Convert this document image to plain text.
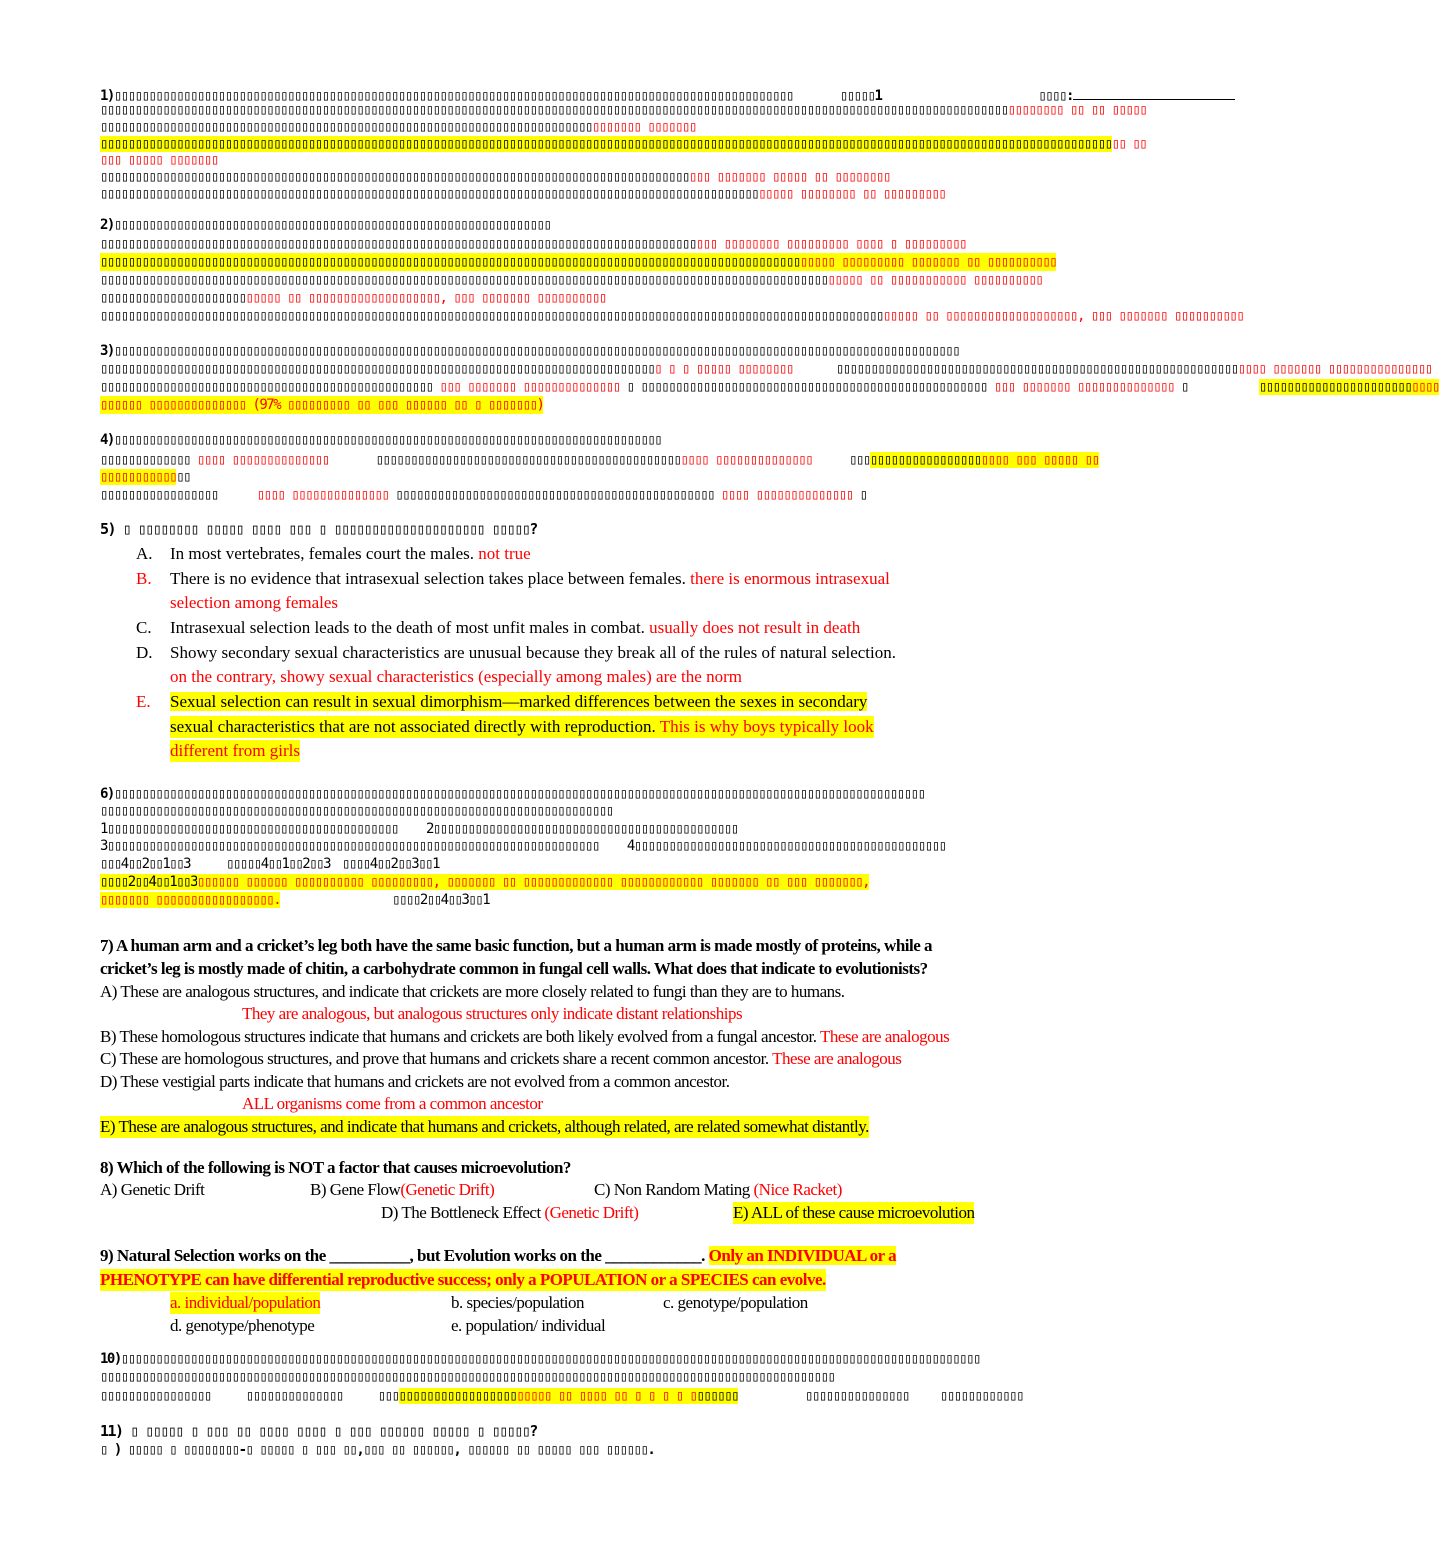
1)▯▯▯▯▯▯▯▯▯▯▯▯▯▯▯▯▯▯▯▯▯▯▯▯▯▯▯▯▯▯▯▯▯▯▯▯▯▯▯▯▯▯▯▯▯▯▯▯▯▯▯▯▯▯▯▯▯▯▯▯▯▯▯▯▯▯▯▯▯▯▯▯▯▯▯▯▯▯▯▯▯▯▯▯▯▯▯▯▯▯▯▯▯▯▯▯▯▯	▯▯▯▯▯1	▯▯▯▯:
▯▯▯▯▯▯▯▯▯▯▯▯▯▯▯▯▯▯▯▯▯▯▯▯▯▯▯▯▯▯▯▯▯▯▯▯▯▯▯▯▯▯▯▯▯▯▯▯▯▯▯▯▯▯▯▯▯▯▯▯▯▯▯▯▯▯▯▯▯▯▯▯▯▯▯▯▯▯▯▯▯▯▯▯▯▯▯▯▯▯▯▯▯▯▯▯▯▯▯▯▯▯▯▯▯▯▯▯▯▯▯▯▯▯▯▯▯▯▯▯▯▯▯▯▯▯▯▯▯▯▯▯▯▯▯▯▯▯▯ ▯▯ ▯▯ ▯▯▯▯▯
▯▯▯▯▯▯▯▯▯▯▯▯▯▯▯▯▯▯▯▯▯▯▯▯▯▯▯▯▯▯▯▯▯▯▯▯▯▯▯▯▯▯▯▯▯▯▯▯▯▯▯▯▯▯▯▯▯▯▯▯▯▯▯▯▯▯▯▯▯▯▯▯▯▯▯▯▯▯ ▯▯▯▯▯▯▯
▯▯▯▯▯▯▯▯▯▯▯▯▯▯▯▯▯▯▯▯▯▯▯▯▯▯▯▯▯▯▯▯▯▯▯▯▯▯▯▯▯▯▯▯▯▯▯▯▯▯▯▯▯▯▯▯▯▯▯▯▯▯▯▯▯▯▯▯▯▯▯▯▯▯▯▯▯▯▯▯▯▯▯▯▯▯▯▯▯▯▯▯▯▯▯▯▯▯▯▯▯▯▯▯▯▯▯▯▯▯▯▯▯▯▯▯▯▯▯▯▯▯▯▯▯▯▯▯▯▯▯▯▯▯▯▯▯▯▯▯▯▯▯▯▯▯▯▯ ▯▯
▯▯▯ ▯▯▯▯▯ ▯▯▯▯▯▯▯
▯▯▯▯▯▯▯▯▯▯▯▯▯▯▯▯▯▯▯▯▯▯▯▯▯▯▯▯▯▯▯▯▯▯▯▯▯▯▯▯▯▯▯▯▯▯▯▯▯▯▯▯▯▯▯▯▯▯▯▯▯▯▯▯▯▯▯▯▯▯▯▯▯▯▯▯▯▯▯▯▯▯▯▯▯▯▯▯ ▯▯▯▯▯▯▯ ▯▯▯▯▯ ▯▯ ▯▯▯▯▯▯▯▯
▯▯▯▯▯▯▯▯▯▯▯▯▯▯▯▯▯▯▯▯▯▯▯▯▯▯▯▯▯▯▯▯▯▯▯▯▯▯▯▯▯▯▯▯▯▯▯▯▯▯▯▯▯▯▯▯▯▯▯▯▯▯▯▯▯▯▯▯▯▯▯▯▯▯▯▯▯▯▯▯▯▯▯▯▯▯▯▯▯▯▯▯▯▯▯▯▯▯▯▯ ▯▯▯▯▯▯▯▯ ▯▯ ▯▯▯▯▯▯▯▯▯
2)▯▯▯▯▯▯▯▯▯▯▯▯▯▯▯▯▯▯▯▯▯▯▯▯▯▯▯▯▯▯▯▯▯▯▯▯▯▯▯▯▯▯▯▯▯▯▯▯▯▯▯▯▯▯▯▯▯▯▯▯▯▯▯
▯▯▯▯▯▯▯▯▯▯▯▯▯▯▯▯▯▯▯▯▯▯▯▯▯▯▯▯▯▯▯▯▯▯▯▯▯▯▯▯▯▯▯▯▯▯▯▯▯▯▯▯▯▯▯▯▯▯▯▯▯▯▯▯▯▯▯▯▯▯▯▯▯▯▯▯▯▯▯▯▯▯▯▯▯▯▯▯▯ ▯▯▯▯▯▯▯▯ ▯▯▯▯▯▯▯▯▯ ▯▯▯▯ ▯ ▯▯▯▯▯▯▯▯▯
▯▯▯▯▯▯▯▯▯▯▯▯▯▯▯▯▯▯▯▯▯▯▯▯▯▯▯▯▯▯▯▯▯▯▯▯▯▯▯▯▯▯▯▯▯▯▯▯▯▯▯▯▯▯▯▯▯▯▯▯▯▯▯▯▯▯▯▯▯▯▯▯▯▯▯▯▯▯▯▯▯▯▯▯▯▯▯▯▯▯▯▯▯▯▯▯▯▯▯▯▯▯▯▯▯▯ ▯▯▯▯▯▯▯▯▯ ▯▯▯▯▯▯▯ ▯▯ ▯▯▯▯▯▯▯▯▯▯
▯▯▯▯▯▯▯▯▯▯▯▯▯▯▯▯▯▯▯▯▯▯▯▯▯▯▯▯▯▯▯▯▯▯▯▯▯▯▯▯▯▯▯▯▯▯▯▯▯▯▯▯▯▯▯▯▯▯▯▯▯▯▯▯▯▯▯▯▯▯▯▯▯▯▯▯▯▯▯▯▯▯▯▯▯▯▯▯▯▯▯▯▯▯▯▯▯▯▯▯▯▯▯▯▯▯▯▯▯▯ ▯▯ ▯▯▯▯▯▯▯▯▯▯▯ ▯▯▯▯▯▯▯▯▯▯
▯▯▯▯▯▯▯▯▯▯▯▯▯▯▯▯▯▯▯▯▯▯▯▯▯▯ ▯▯ ▯▯▯▯▯▯▯▯▯▯▯▯▯▯▯▯▯▯▯, ▯▯▯ ▯▯▯▯▯▯▯ ▯▯▯▯▯▯▯▯▯▯
▯▯▯▯▯▯▯▯▯▯▯▯▯▯▯▯▯▯▯▯▯▯▯▯▯▯▯▯▯▯▯▯▯▯▯▯▯▯▯▯▯▯▯▯▯▯▯▯▯▯▯▯▯▯▯▯▯▯▯▯▯▯▯▯▯▯▯▯▯▯▯▯▯▯▯▯▯▯▯▯▯▯▯▯▯▯▯▯▯▯▯▯▯▯▯▯▯▯▯▯▯▯▯▯▯▯▯▯▯▯▯▯▯▯▯▯▯▯ ▯▯ ▯▯▯▯▯▯▯▯▯▯▯▯▯▯▯▯▯▯▯, ▯▯▯ ▯▯▯▯▯▯▯ ▯▯▯▯▯▯▯▯▯▯
3)▯▯▯▯▯▯▯▯▯▯▯▯▯▯▯▯▯▯▯▯▯▯▯▯▯▯▯▯▯▯▯▯▯▯▯▯▯▯▯▯▯▯▯▯▯▯▯▯▯▯▯▯▯▯▯▯▯▯▯▯▯▯▯▯▯▯▯▯▯▯▯▯▯▯▯▯▯▯▯▯▯▯▯▯▯▯▯▯▯▯▯▯▯▯▯▯▯▯▯▯▯▯▯▯▯▯▯▯▯▯▯▯▯▯▯▯▯▯▯▯▯▯
▯▯▯▯▯▯▯▯▯▯▯▯▯▯▯▯▯▯▯▯▯▯▯▯▯▯▯▯▯▯▯▯▯▯▯▯▯▯▯▯▯▯▯▯▯▯▯▯▯▯▯▯▯▯▯▯▯▯▯▯▯▯▯▯▯▯▯▯▯▯▯▯▯▯▯▯▯▯▯▯▯ ▯ ▯ ▯▯▯▯▯ ▯▯▯▯▯▯▯▯	▯▯▯▯▯▯▯▯▯▯▯▯▯▯▯▯▯▯▯▯▯▯▯▯▯▯▯▯▯▯▯▯▯▯▯▯▯▯▯▯▯▯▯▯▯▯▯▯▯▯▯▯▯▯▯▯▯▯▯▯▯▯ ▯▯▯▯▯▯▯ ▯▯▯▯▯▯▯▯▯▯▯▯▯▯▯
▯▯▯▯▯▯▯▯▯▯▯▯▯▯▯▯▯▯▯▯▯▯▯▯▯▯▯▯▯▯▯▯▯▯▯▯▯▯▯▯▯▯▯▯▯▯▯▯ ▯▯▯ ▯▯▯▯▯▯▯ ▯▯▯▯▯▯▯▯▯▯▯▯▯▯ ▯ ▯▯▯▯▯▯▯▯▯▯▯▯▯▯▯▯▯▯▯▯▯▯▯▯▯▯▯▯▯▯▯▯▯▯▯▯▯▯▯▯▯▯▯▯▯▯▯▯▯▯ ▯▯▯ ▯▯▯▯▯▯▯ ▯▯▯▯▯▯▯▯▯▯▯▯▯▯ ▯	▯▯▯▯▯▯▯▯▯▯▯▯▯▯▯▯▯▯▯▯▯▯▯▯▯▯
▯▯▯▯▯▯ ▯▯▯▯▯▯▯▯▯▯▯▯▯▯ (97% ▯▯▯▯▯▯▯▯▯ ▯▯ ▯▯▯ ▯▯▯▯▯▯ ▯▯ ▯ ▯▯▯▯▯▯▯)
4)▯▯▯▯▯▯▯▯▯▯▯▯▯▯▯▯▯▯▯▯▯▯▯▯▯▯▯▯▯▯▯▯▯▯▯▯▯▯▯▯▯▯▯▯▯▯▯▯▯▯▯▯▯▯▯▯▯▯▯▯▯▯▯▯▯▯▯▯▯▯▯▯▯▯▯▯▯▯▯
▯▯▯▯▯▯▯▯▯▯▯▯▯ ▯▯▯▯ ▯▯▯▯▯▯▯▯▯▯▯▯▯▯	▯▯▯▯▯▯▯▯▯▯▯▯▯▯▯▯▯▯▯▯▯▯▯▯▯▯▯▯▯▯▯▯▯▯▯▯▯▯▯▯▯▯▯▯▯▯▯▯ ▯▯▯▯▯▯▯▯▯▯▯▯▯▯	▯▯▯▯▯▯▯▯▯▯▯▯▯▯▯▯▯▯▯▯▯▯▯ ▯▯▯ ▯▯▯▯▯ ▯▯
▯▯▯▯▯▯▯▯▯▯▯▯▯
▯▯▯▯▯▯▯▯▯▯▯▯▯▯▯▯▯	▯▯▯▯ ▯▯▯▯▯▯▯▯▯▯▯▯▯▯ ▯▯▯▯▯▯▯▯▯▯▯▯▯▯▯▯▯▯▯▯▯▯▯▯▯▯▯▯▯▯▯▯▯▯▯▯▯▯▯▯▯▯▯▯▯▯ ▯▯▯▯ ▯▯▯▯▯▯▯▯▯▯▯▯▯▯ ▯
5) ▯ ▯▯▯▯▯▯▯▯ ▯▯▯▯▯ ▯▯▯▯ ▯▯▯ ▯ ▯▯▯▯▯▯▯▯▯▯▯▯▯▯▯▯▯▯▯▯ ▯▯▯▯▯?
A. In most vertebrates, females court the males. not true
B. There is no evidence that intrasexual selection takes place between females. there is enormous intrasexual
selection among females
C. Intrasexual selection leads to the death of most unfit males in combat. usually does not result in death
D. Showy secondary sexual characteristics are unusual because they break all of the rules of natural selection.
on the contrary, showy sexual characteristics (especially among males) are the norm
E. Sexual selection can result in sexual dimorphism—marked differences between the sexes in secondary
sexual characteristics that are not associated directly with reproduction. This is why boys typically look
different from girls
6)▯▯▯▯▯▯▯▯▯▯▯▯▯▯▯▯▯▯▯▯▯▯▯▯▯▯▯▯▯▯▯▯▯▯▯▯▯▯▯▯▯▯▯▯▯▯▯▯▯▯▯▯▯▯▯▯▯▯▯▯▯▯▯▯▯▯▯▯▯▯▯▯▯▯▯▯▯▯▯▯▯▯▯▯▯▯▯▯▯▯▯▯▯▯▯▯▯▯▯▯▯▯▯▯▯▯▯▯▯▯▯▯▯▯▯▯▯
▯▯▯▯▯▯▯▯▯▯▯▯▯▯▯▯▯▯▯▯▯▯▯▯▯▯▯▯▯▯▯▯▯▯▯▯▯▯▯▯▯▯▯▯▯▯▯▯▯▯▯▯▯▯▯▯▯▯▯▯▯▯▯▯▯▯▯▯▯▯▯▯▯▯
1▯▯▯▯▯▯▯▯▯▯▯▯▯▯▯▯▯▯▯▯▯▯▯▯▯▯▯▯▯▯▯▯▯▯▯▯▯▯▯▯▯▯ 2▯▯▯▯▯▯▯▯▯▯▯▯▯▯▯▯▯▯▯▯▯▯▯▯▯▯▯▯▯▯▯▯▯▯▯▯▯▯▯▯▯▯▯▯
3▯▯▯▯▯▯▯▯▯▯▯▯▯▯▯▯▯▯▯▯▯▯▯▯▯▯▯▯▯▯▯▯▯▯▯▯▯▯▯▯▯▯▯▯▯▯▯▯▯▯▯▯▯▯▯▯▯▯▯▯▯▯▯▯▯▯▯▯▯▯▯ 4▯▯▯▯▯▯▯▯▯▯▯▯▯▯▯▯▯▯▯▯▯▯▯▯▯▯▯▯▯▯▯▯▯▯▯▯▯▯▯▯▯▯▯▯▯
▯▯▯4▯▯2▯▯1▯▯3	▯▯▯▯▯4▯▯1▯▯2▯▯3 ▯▯▯▯4▯▯2▯▯3▯▯1
▯▯▯▯2▯▯4▯▯1▯▯3▯▯▯▯▯▯ ▯▯▯▯▯▯ ▯▯▯▯▯▯▯▯▯▯ ▯▯▯▯▯▯▯▯▯, ▯▯▯▯▯▯▯ ▯▯ ▯▯▯▯▯▯▯▯▯▯▯▯▯ ▯▯▯▯▯▯▯▯▯▯▯▯ ▯▯▯▯▯▯▯ ▯▯ ▯▯▯ ▯▯▯▯▯▯▯,
▯▯▯▯▯▯▯ ▯▯▯▯▯▯▯▯▯▯▯▯▯▯▯▯▯.	▯▯▯▯2▯▯4▯▯3▯▯1
7) A human arm and a cricket’s leg both have the same basic function, but a human arm is made mostly of proteins, while a
cricket’s leg is mostly made of chitin, a carbohydrate common in fungal cell walls. What does that indicate to evolutionists?
A) These are analogous structures, and indicate that crickets are more closely related to fungi than they are to humans.
They are analogous, but analogous structures only indicate distant relationships
B) These homologous structures indicate that humans and crickets are both likely evolved from a fungal ancestor. These are analogous
C) These are homologous structures, and prove that humans and crickets share a recent common ancestor. These are analogous
D) These vestigial parts indicate that humans and crickets are not evolved from a common ancestor.
ALL organisms come from a common ancestor
E) These are analogous structures, and indicate that humans and crickets, although related, are related somewhat distantly.
8) Which of the following is NOT a factor that causes microevolution?
A) Genetic Drift	B) Gene Flow(Genetic Drift)	C) Non Random Mating (Nice Racket)
D) The Bottleneck Effect (Genetic Drift)	E) ALL of these cause microevolution
9) Natural Selection works on the __________, but Evolution works on the ____________. Only an INDIVIDUAL or a
PHENOTYPE can have differential reproductive success; only a POPULATION or a SPECIES can evolve.
a. individual/population	b. species/population	c. genotype/population
d. genotype/phenotype	e. population/ individual
10)▯▯▯▯▯▯▯▯▯▯▯▯▯▯▯▯▯▯▯▯▯▯▯▯▯▯▯▯▯▯▯▯▯▯▯▯▯▯▯▯▯▯▯▯▯▯▯▯▯▯▯▯▯▯▯▯▯▯▯▯▯▯▯▯▯▯▯▯▯▯▯▯▯▯▯▯▯▯▯▯▯▯▯▯▯▯▯▯▯▯▯▯▯▯▯▯▯▯▯▯▯▯▯▯▯▯▯▯▯▯▯▯▯▯▯▯▯▯▯▯▯▯▯▯
▯▯▯▯▯▯▯▯▯▯▯▯▯▯▯▯▯▯▯▯▯▯▯▯▯▯▯▯▯▯▯▯▯▯▯▯▯▯▯▯▯▯▯▯▯▯▯▯▯▯▯▯▯▯▯▯▯▯▯▯▯▯▯▯▯▯▯▯▯▯▯▯▯▯▯▯▯▯▯▯▯▯▯▯▯▯▯▯▯▯▯▯▯▯▯▯▯▯▯▯▯▯▯▯▯▯
▯▯▯▯▯▯▯▯▯▯▯▯▯▯▯▯ ▯▯▯▯▯▯▯▯▯▯▯▯▯▯ ▯▯▯▯▯▯▯▯▯▯▯▯▯▯▯▯▯▯▯▯▯▯▯▯▯ ▯▯ ▯▯▯▯ ▯▯ ▯ ▯ ▯ ▯ ▯▯▯▯▯▯▯	▯▯▯▯▯▯▯▯▯▯▯▯▯▯▯ ▯▯▯▯▯▯▯▯▯▯▯▯
11) ▯ ▯▯▯▯▯ ▯ ▯▯▯ ▯▯ ▯▯▯▯ ▯▯▯▯ ▯ ▯▯▯ ▯▯▯▯▯▯ ▯▯▯▯▯ ▯ ▯▯▯▯▯?
▯ ) ▯▯▯▯▯ ▯ ▯▯▯▯▯▯▯▯-▯ ▯▯▯▯▯ ▯ ▯▯▯ ▯▯,▯▯▯ ▯▯ ▯▯▯▯▯▯, ▯▯▯▯▯▯ ▯▯ ▯▯▯▯▯ ▯▯▯ ▯▯▯▯▯▯.
